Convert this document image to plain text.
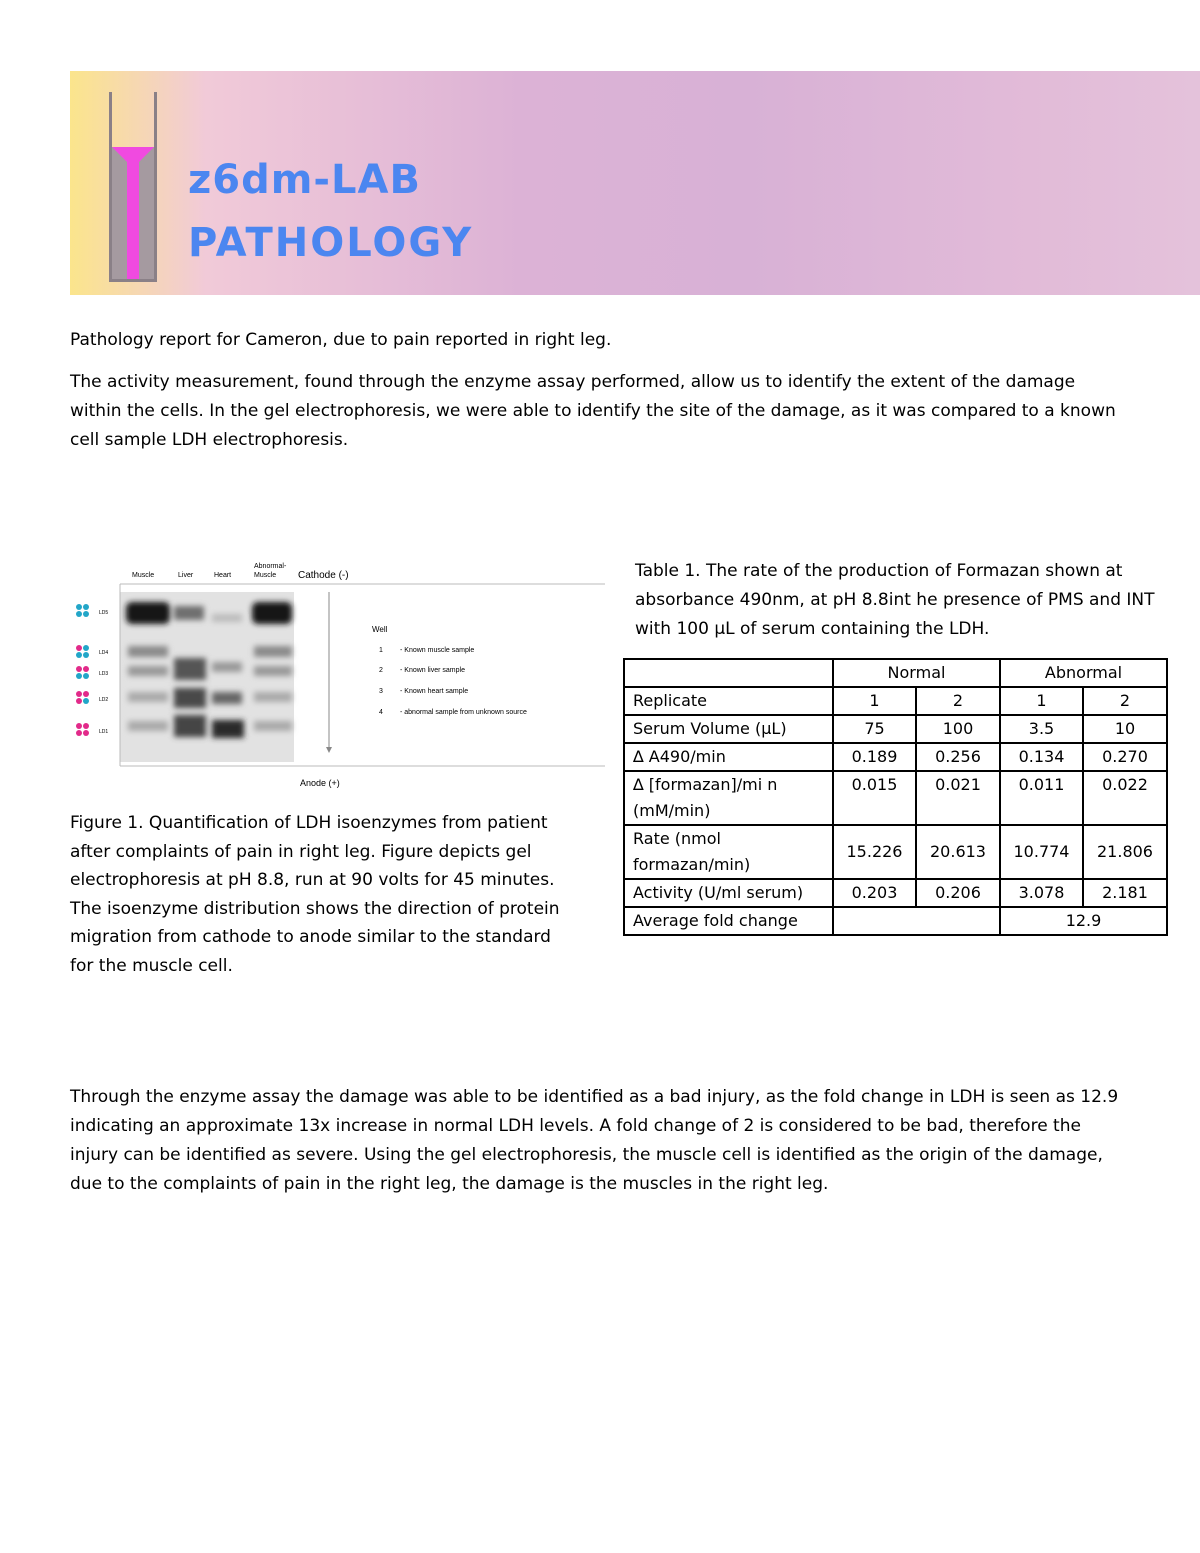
z6dm-LAB
PATHOLOGY
Pathology report for Cameron, due to pain reported in right leg.
The activity measurement, found through the enzyme assay performed, allow us to identify the extent of the damage within the cells. In the gel electrophoresis, we were able to identify the site of the damage, as it was compared to a known cell sample LDH electrophoresis.
Muscle	Liver	Heart
Abnormal-
Muscle Cathode (-)
LD5
LD4
LD3
LD2
LD1
Well
1 - Known muscle sample
2 - Known liver sample
3 - Known heart sample
4 - abnormal sample from unknown source
Anode (+)
Figure 1. Quantification of LDH isoenzymes from patient after complaints of pain in right leg. Figure depicts gel electrophoresis at pH 8.8, run at 90 volts for 45 minutes. The isoenzyme distribution shows the direction of protein migration from cathode to anode similar to the standard for the muscle cell.
Table 1. The rate of the production of Formazan shown at absorbance 490nm, at pH 8.8int he presence of PMS and INT with 100 µL of serum containing the LDH.
	Normal		Abnormal	
Replicate	1	2	1	2
Serum Volume (µL)	75	100	3.5	10
∆ A490/min	0.189	0.256	0.134	0.270
∆ [formazan]/mi n (mM/min)	0.015	0.021	0.011	0.022
Rate (nmol formazan/min)	15.226	20.613	10.774	21.806
Activity (U/ml serum)	0.203	0.206	3.078	2.181
Average fold change			12.9	
Through the enzyme assay the damage was able to be identified as a bad injury, as the fold change in LDH is seen as 12.9 indicating an approximate 13x increase in normal LDH levels. A fold change of 2 is considered to be bad, therefore the injury can be identified as severe. Using the gel electrophoresis, the muscle cell is identified as the origin of the damage, due to the complaints of pain in the right leg, the damage is the muscles in the right leg.
